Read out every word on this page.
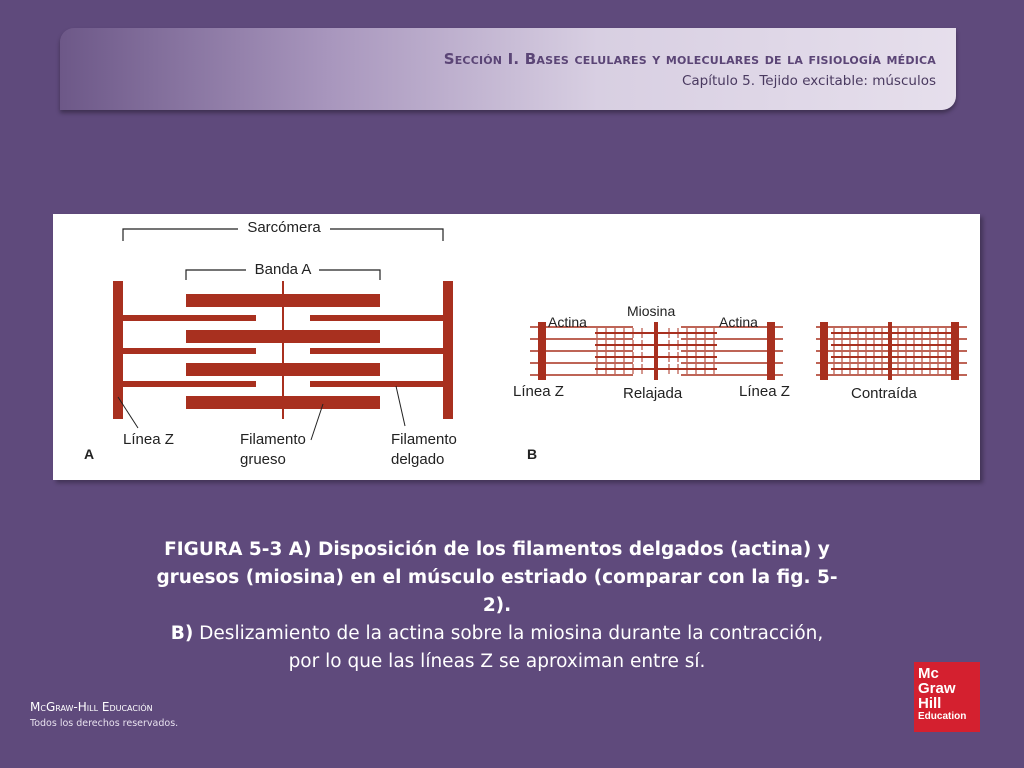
Sección I. Bases celulares y moleculares de la fisiología médica
Capítulo 5. Tejido excitable: músculos
Sarcómera
Banda A
Línea Z	Filamento
grueso
Filamento
delgado
A
Actina
Miosina
Actina
Línea Z	Relajada	Línea Z	Contraída
B
FIGURA 5-3 A) Disposición de los filamentos delgados (actina) y
gruesos (miosina) en el músculo estriado (comparar con la fig. 5-2).
B) Deslizamiento de la actina sobre la miosina durante la contracción,
por lo que las líneas Z se aproximan entre sí.
McGraw-Hill Educación
Todos los derechos reservados.
Mc
Graw
Hill
Education
